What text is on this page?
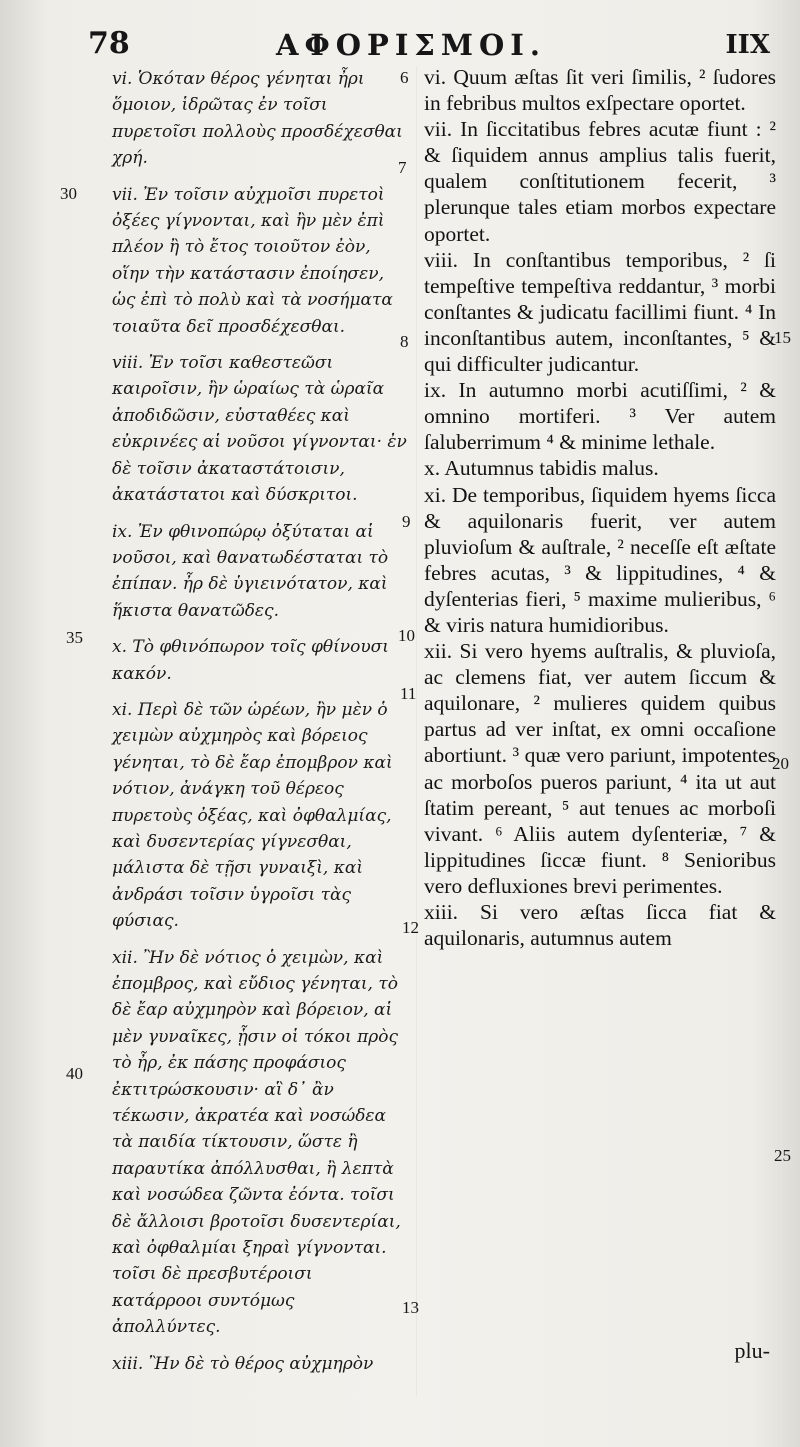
78	ΑΦΟΡΙΣΜΟΙ.	IIX

vi. Ὁκόταν θέρος γένηται ἦρι ὅμοιον, ἱδρῶτας ἐν τοῖσι πυρετοῖσι πολλοὺς προσδέχεσθαι χρή.

vii. Ἐν τοῖσιν αὐχμοῖσι πυρετοὶ ὀξέες γίγνονται, καὶ ἢν μὲν ἐπὶ πλέον ἢ τὸ ἔτος τοιοῦτον ἐὸν, οἵην τὴν κατάστασιν ἐποίησεν, ὡς ἐπὶ τὸ πολὺ καὶ τὰ νοσήματα τοιαῦτα δεῖ προσδέχεσθαι.

viii. Ἐν τοῖσι καθεστεῶσι καιροῖσιν, ἢν ὡραίως τὰ ὡραῖα ἀποδιδῶσιν, εὐσταθέες καὶ εὐκρινέες αἱ νοῦσοι γίγνονται· ἐν δὲ τοῖσιν ἀκαταστάτοισιν, ἀκατάστατοι καὶ δύσκριτοι.

ix. Ἐν φθινοπώρῳ ὀξύταται αἱ νοῦσοι, καὶ θανατωδέσταται τὸ ἐπίπαν. ἦρ δὲ ὑγιεινότατον, καὶ ἥκιστα θανατῶδες.

x. Τὸ φθινόπωρον τοῖς φθίνουσι κακόν.

xi. Περὶ δὲ τῶν ὡρέων, ἢν μὲν ὁ χειμὼν αὐχμηρὸς καὶ βόρειος γένηται, τὸ δὲ ἔαρ ἐπομβρον καὶ νότιον, ἀνάγκη τοῦ θέρεος πυρετοὺς ὀξέας, καὶ ὀφθαλμίας, καὶ δυσεντερίας γίγνεσθαι, μάλιστα δὲ τῇσι γυναιξὶ, καὶ ἀνδράσι τοῖσιν ὑγροῖσι τὰς φύσιας.

xii. Ἢν δὲ νότιος ὁ χειμὼν, καὶ ἐπομβρος, καὶ εὔδιος γένηται, τὸ δὲ ἔαρ αὐχμηρὸν καὶ βόρειον, αἱ μὲν γυναῖκες, ᾗσιν οἱ τόκοι πρὸς τὸ ἦρ, ἐκ πάσης προφάσιος ἐκτιτρώσκουσιν· αἳ δ᾽ ἂν τέκωσιν, ἀκρατέα καὶ νοσώδεα τὰ παιδία τίκτουσιν, ὥστε ἢ παραυτίκα ἀπόλλυσθαι, ἢ λεπτὰ καὶ νοσώδεα ζῶντα ἐόντα. τοῖσι δὲ ἄλλοισι βροτοῖσι δυσεντερίαι, καὶ ὀφθαλμίαι ξηραὶ γίγνονται. τοῖσι δὲ πρεσβυτέροισι κατάρροοι συντόμως ἀπολλύντες.

xiii. Ἢν δὲ τὸ θέρος αὐχμηρὸν

vi. Quum æſtas ſit veri ſimilis, ² ſudores in febribus multos exſpectare oportet.

vii. In ſiccitatibus febres acutæ fiunt : ² & ſiquidem annus amplius talis fuerit, qualem conſtitutionem fecerit, ³ plerunque tales etiam morbos expectare oportet.

viii. In conſtantibus temporibus, ² ſi tempeſtive tempeſtiva reddantur, ³ morbi conſtantes & judicatu facillimi fiunt. ⁴ In inconſtantibus autem, inconſtantes, ⁵ & qui difficulter judicantur.

ix. In autumno morbi acutiſſimi, ² & omnino mortiferi. ³ Ver autem ſaluberrimum ⁴ & minime lethale.

x. Autumnus tabidis malus.

xi. De temporibus, ſiquidem hyems ſicca & aquilonaris fuerit, ver autem pluvioſum & auſtrale, ² neceſſe eſt æſtate febres acutas, ³ & lippitudines, ⁴ & dyſenterias fieri, ⁵ maxime mulieribus, ⁶ & viris natura humidioribus.

xii. Si vero hyems auſtralis, & pluvioſa, ac clemens fiat, ver autem ſiccum & aquilonare, ² mulieres quidem quibus partus ad ver inſtat, ex omni occaſione abortiunt. ³ quæ vero pariunt, impotentes ac morboſos pueros pariunt, ⁴ ita ut aut ſtatim pereant, ⁵ aut tenues ac morboſi vivant. ⁶ Aliis autem dyſenteriæ, ⁷ & lippitudines ſiccæ fiunt. ⁸ Senioribus vero defluxiones brevi perimentes.

xiii. Si vero æſtas ſicca fiat & aquilonaris, autumnus autem

6
7
8
9
10
11
12
13
30
35
40
15
20
25
plu-
